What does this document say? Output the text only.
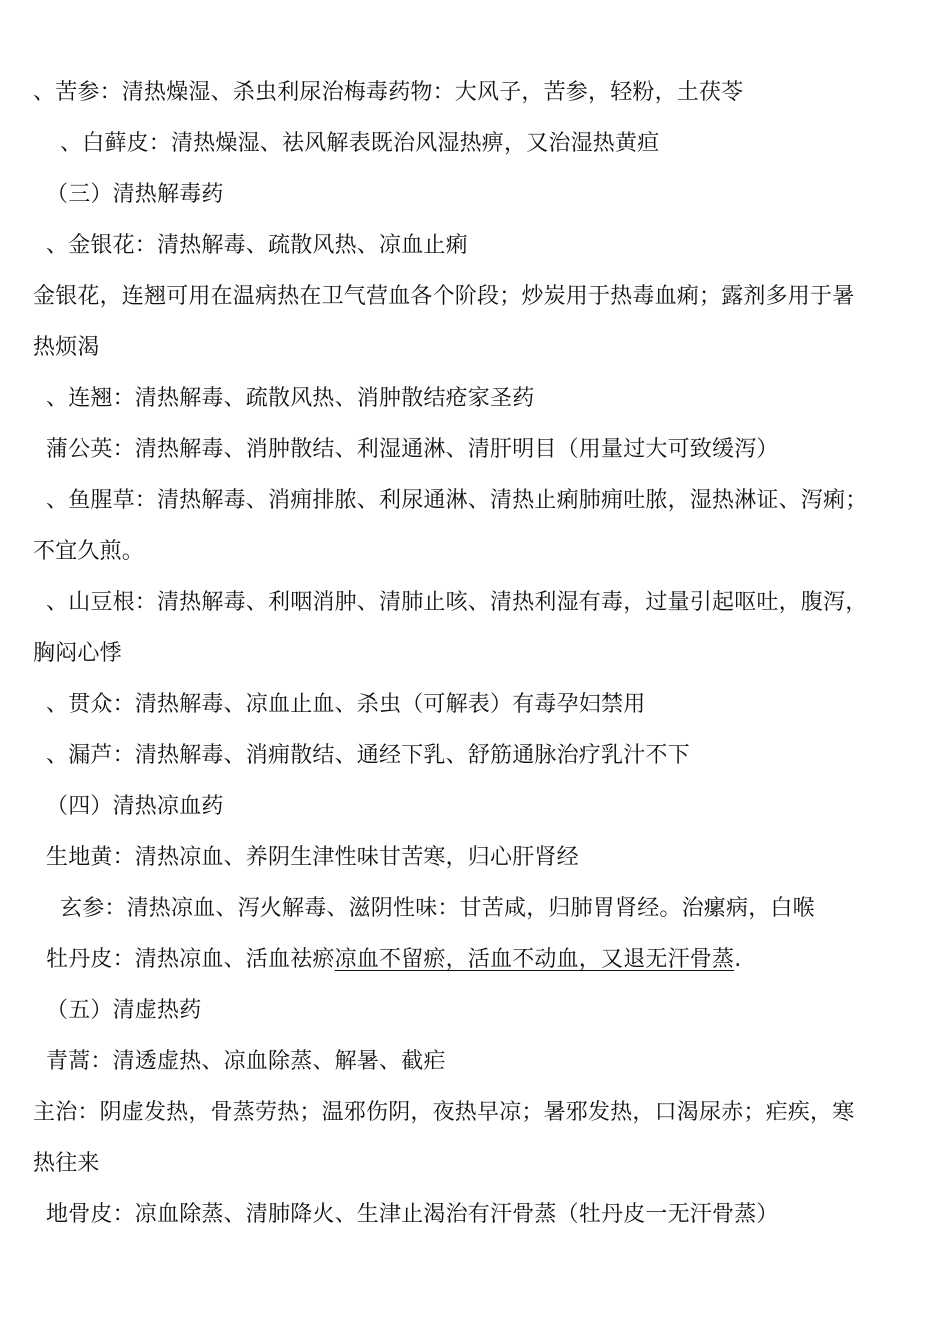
、苦参：清热燥湿、杀虫利尿治梅毒药物：大风子，苦参，轻粉，土茯苓
、白藓皮：清热燥湿、祛风解表既治风湿热痹，又治湿热黄疸
（三）清热解毒药
、金银花：清热解毒、疏散风热、凉血止痢
金银花，连翘可用在温病热在卫气营血各个阶段；炒炭用于热毒血痢；露剂多用于暑
热烦渴
、连翘：清热解毒、疏散风热、消肿散结疮家圣药
蒲公英：清热解毒、消肿散结、利湿通淋、清肝明目（用量过大可致缓泻）
、鱼腥草：清热解毒、消痈排脓、利尿通淋、清热止痢肺痈吐脓，湿热淋证、泻痢；
不宜久煎。
、山豆根：清热解毒、利咽消肿、清肺止咳、清热利湿有毒，过量引起呕吐，腹泻，
胸闷心悸
、贯众：清热解毒、凉血止血、杀虫（可解表）有毒孕妇禁用
、漏芦：清热解毒、消痈散结、通经下乳、舒筋通脉治疗乳汁不下
（四）清热凉血药
生地黄：清热凉血、养阴生津性味甘苦寒，归心肝肾经
玄参：清热凉血、泻火解毒、滋阴性味：甘苦咸，归肺胃肾经。治瘰病，白喉
牡丹皮：清热凉血、活血祛瘀凉血不留瘀，活血不动血，又退无汗骨蒸.
（五）清虚热药
青蒿：清透虚热、凉血除蒸、解暑、截疟
主治：阴虚发热，骨蒸劳热；温邪伤阴，夜热早凉；暑邪发热，口渴尿赤；疟疾，寒
热往来
地骨皮：凉血除蒸、清肺降火、生津止渴治有汗骨蒸（牡丹皮一无汗骨蒸）
